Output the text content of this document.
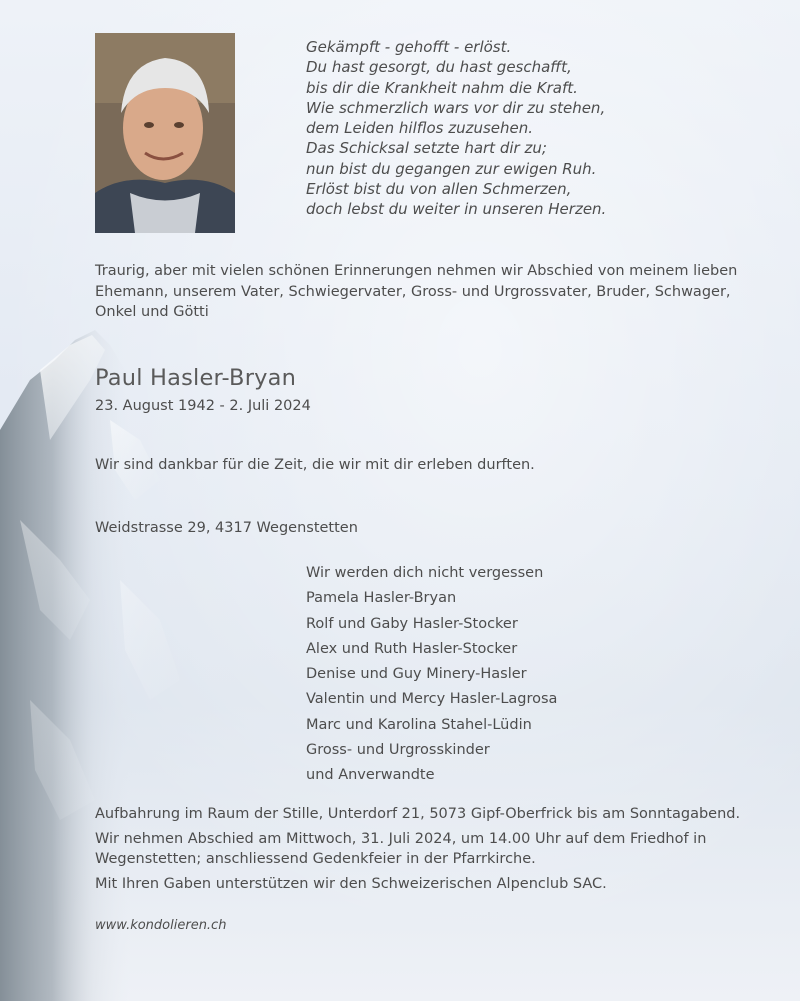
Gekämpft - gehofft - erlöst.
Du hast gesorgt, du hast geschafft,
bis dir die Krankheit nahm die Kraft.
Wie schmerzlich wars vor dir zu stehen,
dem Leiden hilflos zuzusehen.
Das Schicksal setzte hart dir zu;
nun bist du gegangen zur ewigen Ruh.
Erlöst bist du von allen Schmerzen,
doch lebst du weiter in unseren Herzen.

Traurig, aber mit vielen schönen Erinnerungen nehmen wir Abschied von meinem lieben Ehemann, unserem Vater, Schwiegervater, Gross- und Urgrossvater, Bruder, Schwager, Onkel und Götti

Paul Hasler-Bryan

23. August 1942 - 2. Juli 2024

Wir sind dankbar für die Zeit, die wir mit dir erleben durften.

Weidstrasse 29, 4317 Wegenstetten

Wir werden dich nicht vergessen
Pamela Hasler-Bryan
Rolf und Gaby Hasler-Stocker
Alex und Ruth Hasler-Stocker
Denise und Guy Minery-Hasler
Valentin und Mercy Hasler-Lagrosa
Marc und Karolina Stahel-Lüdin
Gross- und Urgrosskinder
und Anverwandte

Aufbahrung im Raum der Stille, Unterdorf 21, 5073 Gipf-Oberfrick bis am Sonntagabend.

Wir nehmen Abschied am Mittwoch, 31. Juli 2024, um 14.00 Uhr auf dem Friedhof in Wegenstetten; anschliessend Gedenkfeier in der Pfarrkirche.

Mit Ihren Gaben unterstützen wir den Schweizerischen Alpenclub SAC.

www.kondolieren.ch
